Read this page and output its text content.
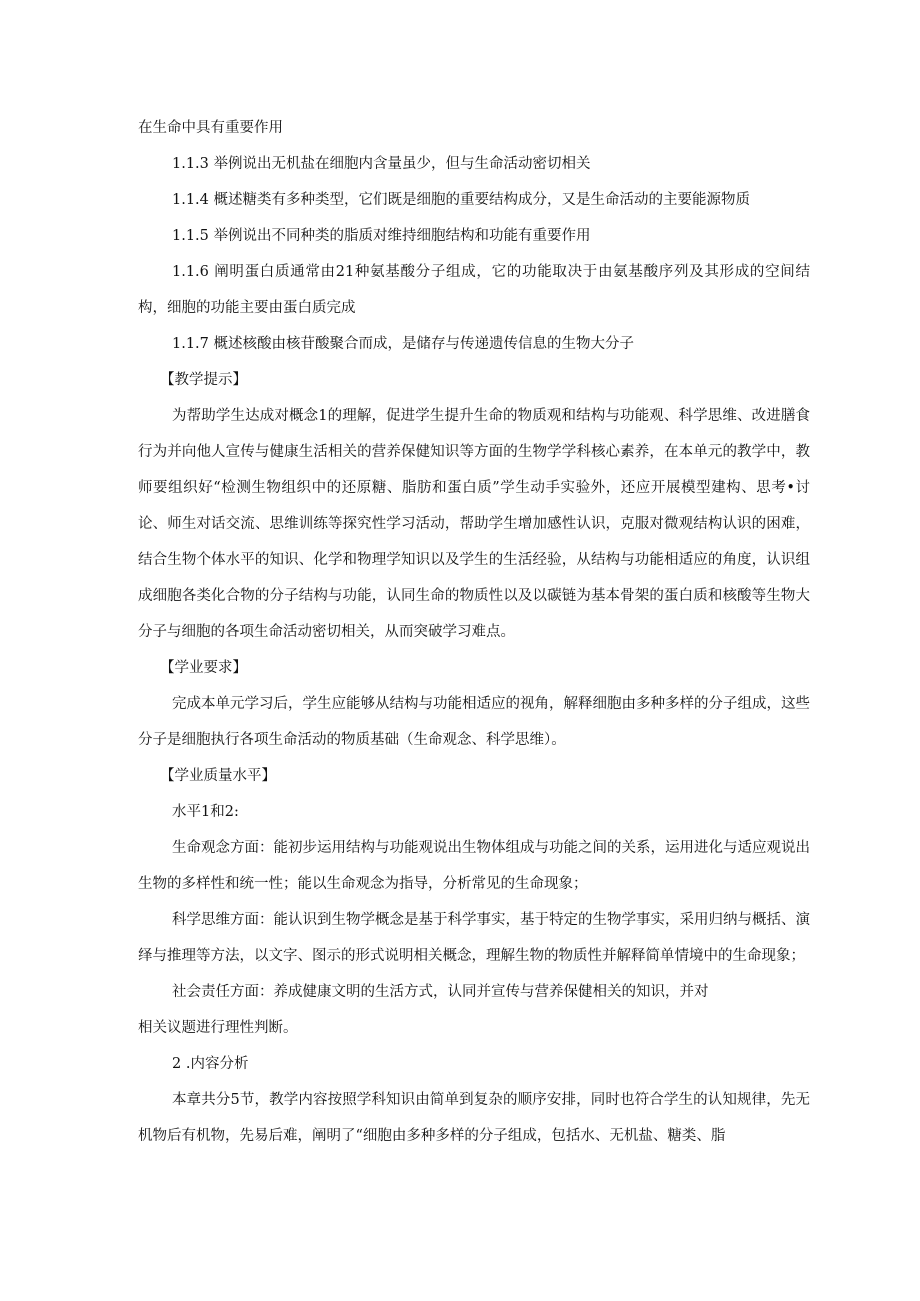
在生命中具有重要作用

1.1.3 举例说出无机盐在细胞内含量虽少，但与生命活动密切相关

1.1.4 概述糖类有多种类型，它们既是细胞的重要结构成分，又是生命活动的主要能源物质

1.1.5 举例说出不同种类的脂质对维持细胞结构和功能有重要作用

1.1.6 阐明蛋白质通常由21种氨基酸分子组成，它的功能取决于由氨基酸序列及其形成的空间结构，细胞的功能主要由蛋白质完成

1.1.7 概述核酸由核苷酸聚合而成，是储存与传递遗传信息的生物大分子

【教学提示】

为帮助学生达成对概念1的理解，促进学生提升生命的物质观和结构与功能观、科学思维、改进膳食行为并向他人宣传与健康生活相关的营养保健知识等方面的生物学学科核心素养，在本单元的教学中，教师要组织好“检测生物组织中的还原糖、脂肪和蛋白质”学生动手实验外，还应开展模型建构、思考•讨论、师生对话交流、思维训练等探究性学习活动，帮助学生增加感性认识，克服对微观结构认识的困难，结合生物个体水平的知识、化学和物理学知识以及学生的生活经验，从结构与功能相适应的角度，认识组成细胞各类化合物的分子结构与功能，认同生命的物质性以及以碳链为基本骨架的蛋白质和核酸等生物大分子与细胞的各项生命活动密切相关，从而突破学习难点。

【学业要求】

完成本单元学习后，学生应能够从结构与功能相适应的视角，解释细胞由多种多样的分子组成，这些分子是细胞执行各项生命活动的物质基础（生命观念、科学思维）。

【学业质量水平】

水平1和2:

生命观念方面：能初步运用结构与功能观说出生物体组成与功能之间的关系，运用进化与适应观说出生物的多样性和统一性；能以生命观念为指导，分析常见的生命现象；

科学思维方面：能认识到生物学概念是基于科学事实，基于特定的生物学事实，采用归纳与概括、演绎与推理等方法，以文字、图示的形式说明相关概念，理解生物的物质性并解释简单情境中的生命现象；

社会责任方面：养成健康文明的生活方式，认同并宣传与营养保健相关的知识，并对

相关议题进行理性判断。

2 .内容分析

本章共分5节，教学内容按照学科知识由简单到复杂的顺序安排，同时也符合学生的认知规律，先无机物后有机物，先易后难，阐明了“细胞由多种多样的分子组成，包括水、无机盐、糖类、脂
